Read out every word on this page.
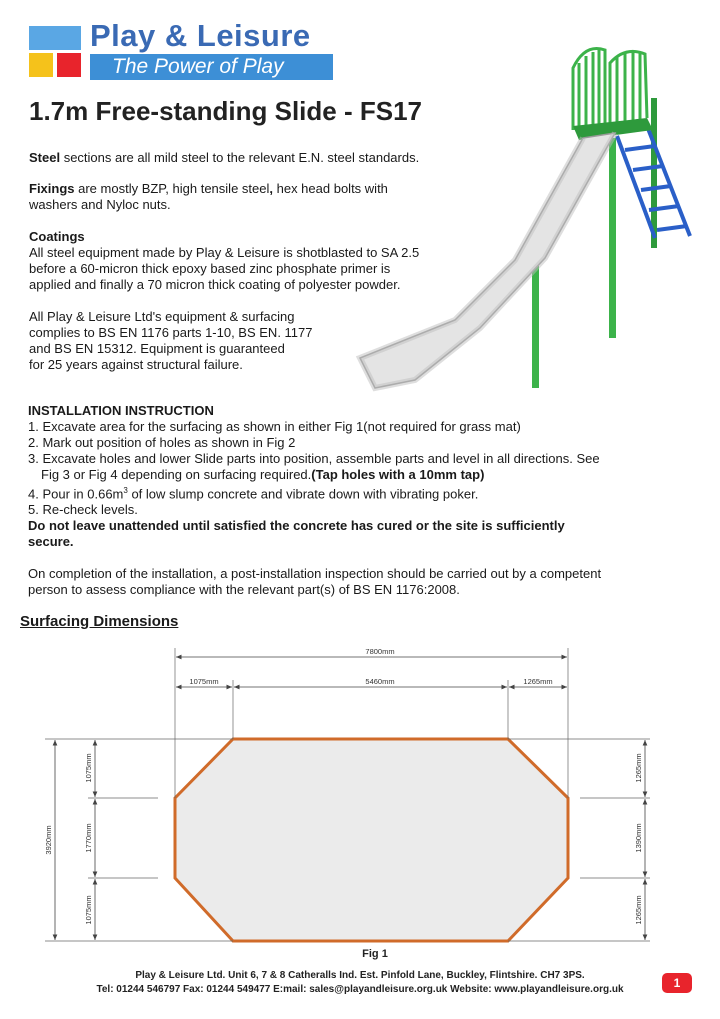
Play & Leisure
The Power of Play
1.7m Free-standing Slide - FS17
Steel sections are all mild steel to the relevant E.N. steel standards.
Fixings are mostly BZP, high tensile steel, hex head bolts with
washers and Nyloc nuts.
Coatings
All steel equipment made by Play & Leisure is shotblasted to SA 2.5
before a 60-micron thick epoxy based zinc phosphate primer is
applied and finally a 70 micron thick coating of polyester powder.
All Play & Leisure Ltd's equipment & surfacing
complies to BS EN 1176 parts 1-10, BS EN. 1177
and BS EN 15312. Equipment is guaranteed
for 25 years against structural failure.
INSTALLATION INSTRUCTION
1. Excavate area for the surfacing as shown in either Fig 1(not required for grass mat)
2. Mark out position of holes as shown in Fig 2
3. Excavate holes and lower Slide parts into position, assemble parts and level in all directions. See
Fig 3 or Fig 4 depending on surfacing required.(Tap holes with a 10mm tap)
4. Pour in $0.66m^3$ of low slump concrete and vibrate down with vibrating poker.
5. Re-check levels.
Do not leave unattended until satisfied the concrete has cured or the site is sufficiently
secure.
On completion of the installation, a post-installation inspection should be carried out by a competent
person to assess compliance with the relevant part(s) of BS EN 1176:2008.
Surfacing Dimensions
7800mm
1075mm	5460mm	1265mm
3920mm
1075mm
1770mm
1075mm
1265mm
1390mm
1265mm
Fig 1
Play & Leisure Ltd. Unit 6, 7 & 8 Catheralls Ind. Est. Pinfold Lane, Buckley, Flintshire. CH7 3PS.
Tel: 01244 546797 Fax: 01244 549477 E:mail: sales@playandleisure.org.uk Website: www.playandleisure.org.uk	1
